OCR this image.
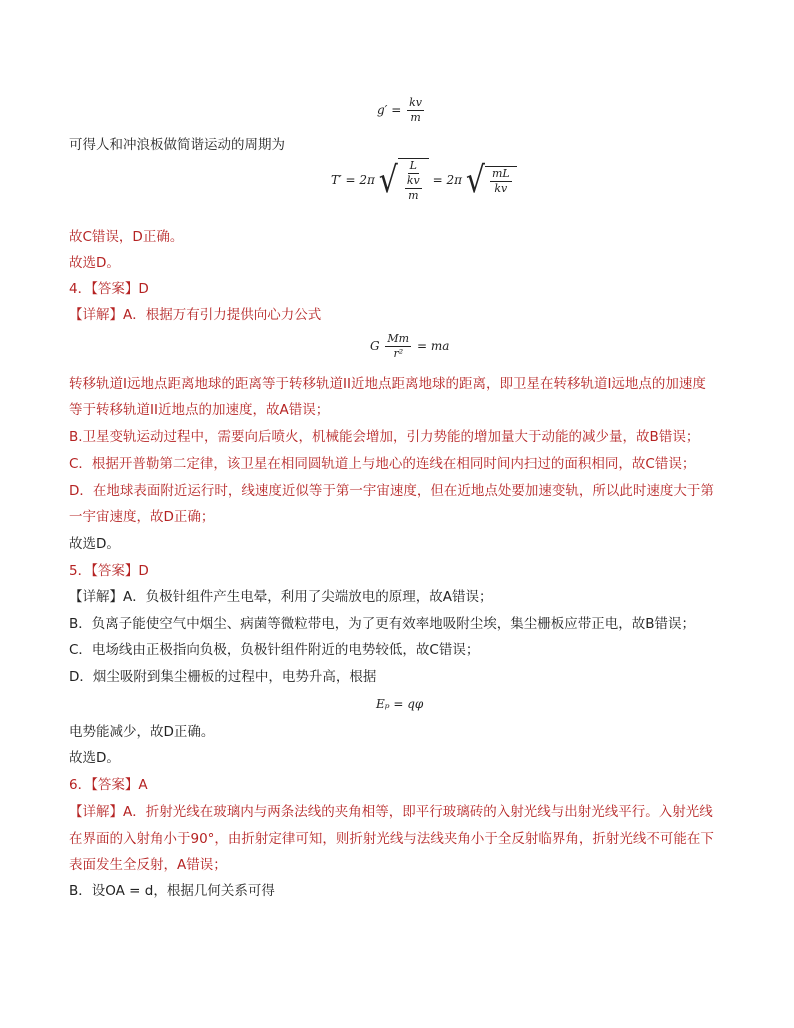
$g' = \frac{kv}{m}$
可得人和冲浪板做简谐运动的周期为
T′ = 2π √ $\frac{L}{\frac{kv}{m}} = 2\pi$ √ $\frac{mL}{kv}$
故C错误，D正确。
故选D。
4．【答案】D
【详解】A．根据万有引力提供向心力公式
G $\frac{Mm}{\text{r²}}$ = ma
转移轨道I远地点距离地球的距离等于转移轨道II近地点距离地球的距离，即卫星在转移轨道I远地点的加速度
等于转移轨道II近地点的加速度，故A错误；
B.卫星变轨运动过程中，需要向后喷火，机械能会增加，引力势能的增加量大于动能的减少量，故B错误；
C．根据开普勒第二定律，该卫星在相同圆轨道上与地心的连线在相同时间内扫过的面积相同，故C错误；
D．在地球表面附近运行时，线速度近似等于第一宇宙速度，但在近地点处要加速变轨，所以此时速度大于第
一宇宙速度，故D正确；
故选D。
5．【答案】D
【详解】A．负极针组件产生电晕，利用了尖端放电的原理，故A错误；
B．负离子能使空气中烟尘、病菌等微粒带电，为了更有效率地吸附尘埃，集尘栅板应带正电，故B错误；
C．电场线由正极指向负极，负极针组件附近的电势较低，故C错误；
D．烟尘吸附到集尘栅板的过程中，电势升高，根据
Eₚ = qφ
电势能减少，故D正确。
故选D。
6．【答案】A
【详解】A．折射光线在玻璃内与两条法线的夹角相等，即平行玻璃砖的入射光线与出射光线平行。入射光线
在界面的入射角小于90°，由折射定律可知，则折射光线与法线夹角小于全反射临界角，折射光线不可能在下
表面发生全反射，A错误；
B．设OA = d，根据几何关系可得
